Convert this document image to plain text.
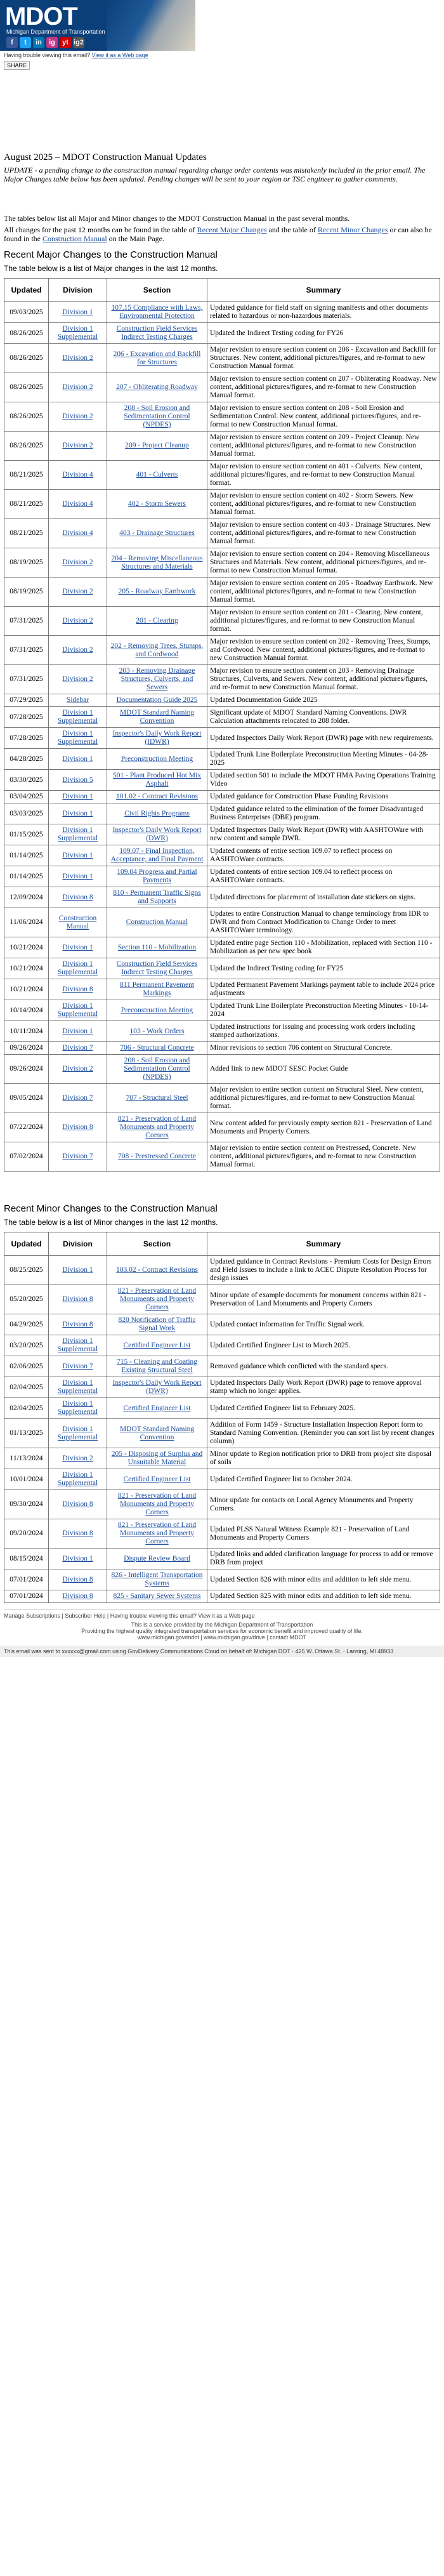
MDOT
Michigan Department of Transportation
f	t	in	ig	yt ig2
Having trouble viewing this email? View it as a Web page
SHARE
August 2025 – MDOT Construction Manual Updates

UPDATE - a pending change to the construction manual regarding change order contents was mistakenly included in the prior email. The Major Changes table below has been updated. Pending changes will be sent to your region or TSC engineer to gather comments.

The tables below list all Major and Minor changes to the MDOT Construction Manual in the past several months.

All changes for the past 12 months can be found in the table of Recent Major Changes and the table of Recent Minor Changes or can also be found in the Construction Manual on the Main Page.

Recent Major Changes to the Construction Manual

The table below is a list of Major changes in the last 12 months.

Updated	Division	Section	Summary
09/03/2025	Division 1	107.15 Compliance with Laws, Environmental Protection	Updated guidance for field staff on signing manifests and other documents related to hazardous or non-hazardous materials.
08/26/2025	Division 1 Supplemental	Construction Field Services Indirect Testing Charges	Updated the Indirect Testing coding for FY26
08/26/2025	Division 2	206 - Excavation and Backfill for Structures	Major revision to ensure section content on 206 - Excavation and Backfill for Structures. New content, additional pictures/figures, and re-format to new Construction Manual format.
08/26/2025	Division 2	207 - Obliterating Roadway	Major revision to ensure section content on 207 - Obliterating Roadway. New content, additional pictures/figures, and re-format to new Construction Manual format.
08/26/2025	Division 2	208 - Soil Erosion and Sedimentation Control (NPDES)	Major revision to ensure section content on 208 - Soil Erosion and Sedimentation Control. New content, additional pictures/figures, and re-format to new Construction Manual format.
08/26/2025	Division 2	209 - Project Cleanup	Major revision to ensure section content on 209 - Project Cleanup. New content, additional pictures/figures, and re-format to new Construction Manual format.
08/21/2025	Division 4	401 - Culverts	Major revision to ensure section content on 401 - Culverts. New content, additional pictures/figures, and re-format to new Construction Manual format.
08/21/2025	Division 4	402 - Storm Sewers	Major revision to ensure section content on 402 - Storm Sewers. New content, additional pictures/figures, and re-format to new Construction Manual format.
08/21/2025	Division 4	403 - Drainage Structures	Major revision to ensure section content on 403 - Drainage Structures. New content, additional pictures/figures, and re-format to new Construction Manual format.
08/19/2025	Division 2	204 - Removing Miscellaneous Structures and Materials	Major revision to ensure section content on 204 - Removing Miscellaneous Structures and Materials. New content, additional pictures/figures, and re-format to new Construction Manual format.
08/19/2025	Division 2	205 - Roadway Earthwork	Major revision to ensure section content on 205 - Roadway Earthwork. New content, additional pictures/figures, and re-format to new Construction Manual format.
07/31/2025	Division 2	201 - Clearing	Major revision to ensure section content on 201 - Clearing. New content, additional pictures/figures, and re-format to new Construction Manual format.
07/31/2025	Division 2	202 - Removing Trees, Stumps, and Cordwood	Major revision to ensure section content on 202 - Removing Trees, Stumps, and Cordwood. New content, additional pictures/figures, and re-format to new Construction Manual format.
07/31/2025	Division 2	203 - Removing Drainage Structures, Culverts, and Sewers	Major revision to ensure section content on 203 - Removing Drainage Structures, Culverts, and Sewers. New content, additional pictures/figures, and re-format to new Construction Manual format.
07/29/2025	Sidebar	Documentation Guide 2025	Updated Documentation Guide 2025
07/28/2025	Division 1 Supplemental	MDOT Standard Naming Convention	Significant update of MDOT Standard Naming Conventions. DWR Calculation attachments relocated to 208 folder.
07/28/2025	Division 1 Supplemental	Inspector's Daily Work Report (IDWR)	Updated Inspectors Daily Work Report (DWR) page with new requirements.
04/28/2025	Division 1	Preconstruction Meeting	Updated Trunk Line Boilerplate Preconstruction Meeting Minutes - 04-28-2025
03/30/2025	Division 5	501 - Plant Produced Hot Mix Asphalt	Updated section 501 to include the MDOT HMA Paving Operations Training Video
03/04/2025	Division 1	101.02 - Contract Revisions	Updated guidance for Construction Phase Funding Revisions
03/03/2025	Division 1	Civil Rights Programs	Updated guidance related to the elimination of the former Disadvantaged Business Enterprises (DBE) program.
01/15/2025	Division 1 Supplemental	Inspector's Daily Work Report (DWR)	Updated Inspectors Daily Work Report (DWR) with AASHTOWare with new content and sample DWR.
01/14/2025	Division 1	109.07 - Final Inspection, Acceptance, and Final Payment	Updated contents of entire section 109.07 to reflect process on AASHTOWare contracts.
01/14/2025	Division 1	109.04 Progress and Partial Payments	Updated contents of entire section 109.04 to reflect process on AASHTOWare contracts.
12/09/2024	Division 8	810 - Permanent Traffic Signs and Supports	Updated directions for placement of installation date stickers on signs.
11/06/2024	Construction Manual	Construction Manual	Updates to entire Construction Manual to change terminology from IDR to DWR and from Contract Modification to Change Order to meet AASHTOWare terminology.
10/21/2024	Division 1	Section 110 - Mobilization	Updated entire page Section 110 - Mobilization, replaced with Section 110 - Mobilization as per new spec book
10/21/2024	Division 1 Supplemental	Construction Field Services Indirect Testing Charges	Updated the Indirect Testing coding for FY25
10/21/2024	Division 8	811 Permanent Pavement Markings	Updated Permanent Pavement Markings payment table to include 2024 price adjustments
10/14/2024	Division 1 Supplemental	Preconstruction Meeting	Updated Trunk Line Boilerplate Preconstruction Meeting Minutes - 10-14-2024
10/11/2024	Division 1	103 - Work Orders	Updated instructions for issuing and processing work orders including stamped authorizations.
09/26/2024	Division 7	706 - Structural Concrete	Minor revisions to section 706 content on Structural Concrete.
09/26/2024	Division 2	208 - Soil Erosion and Sedimentation Control (NPDES)	Added link to new MDOT SESC Pocket Guide
09/05/2024	Division 7	707 - Structural Steel	Major revision to entire section content on Structural Steel. New content, additional pictures/figures, and re-format to new Construction Manual format.
07/22/2024	Division 8	821 - Preservation of Land Monuments and Property Corners	New content added for previously empty section 821 - Preservation of Land Monuments and Property Corners.
07/02/2024	Division 7	708 - Prestressed Concrete	Major revision to entire section content on Prestressed, Concrete. New content, additional pictures/figures, and re-format to new Construction Manual format.
Recent Minor Changes to the Construction Manual

The table below is a list of Minor changes in the last 12 months.

Updated	Division	Section	Summary
08/25/2025	Division 1	103.02 - Contract Revisions	Updated guidance in Contract Revisions - Premium Costs for Design Errors and Field Issues to include a link to ACEC Dispute Resolution Process for design issues
05/20/2025	Division 8	821 - Preservation of Land Monuments and Property Corners	Minor update of example documents for monument concerns within 821 - Preservation of Land Monuments and Property Corners
04/29/2025	Division 8	820 Notification of Traffic Signal Work	Updated contact information for Traffic Signal work.
03/20/2025	Division 1 Supplemental	Certified Engineer List	Updated Certified Engineer List to March 2025.
02/06/2025	Division 7	715 - Cleaning and Coating Existing Structural Steel	Removed guidance which conflicted with the standard specs.
02/04/2025	Division 1 Supplemental	Inspector's Daily Work Report (DWR)	Updated Inspectors Daily Work Report (DWR) page to remove approval stamp which no longer applies.
02/04/2025	Division 1 Supplemental	Certified Engineer List	Updated Certified Engineer list to February 2025.
01/13/2025	Division 1 Supplemental	MDOT Standard Naming Convention	Addition of Form 1459 - Structure Installation Inspection Report form to Standard Naming Convention. (Reminder you can sort list by recent changes column)
11/13/2024	Division 2	205 - Disposing of Surplus and Unsuitable Material	Minor update to Region notification prior to DRB from project site disposal of soils
10/01/2024	Division 1 Supplemental	Certified Engineer List	Updated Certified Engineer list to October 2024.
09/30/2024	Division 8	821 - Preservation of Land Monuments and Property Corners	Minor update for contacts on Local Agency Monuments and Property Corners.
09/20/2024	Division 8	821 - Preservation of Land Monuments and Property Corners	Updated PLSS Natural Witness Example 821 - Preservation of Land Monuments and Property Corners
08/15/2024	Division 1	Dispute Review Board	Updated links and added clarification language for process to add or remove DRB from project
07/01/2024	Division 8	826 - Intelligent Transportation Systems	Updated Section 826 with minor edits and addition to left side menu.
07/01/2024	Division 8	825 - Sanitary Sewer Systems	Updated Section 825 with minor edits and addition to left side menu.
Manage Subscriptions | Subscriber Help | Having trouble viewing this email? View it as a Web page
This is a service provided by the Michigan Department of Transportation
Providing the highest quality integrated transportation services for economic benefit and improved quality of life.
www.michigan.gov/mdot | www.michigan.gov/drive | contact MDOT
This email was sent to xxxxxx@gmail.com using GovDelivery Communications Cloud on behalf of: Michigan DOT · 425 W. Ottawa St. · Lansing, MI 48933
